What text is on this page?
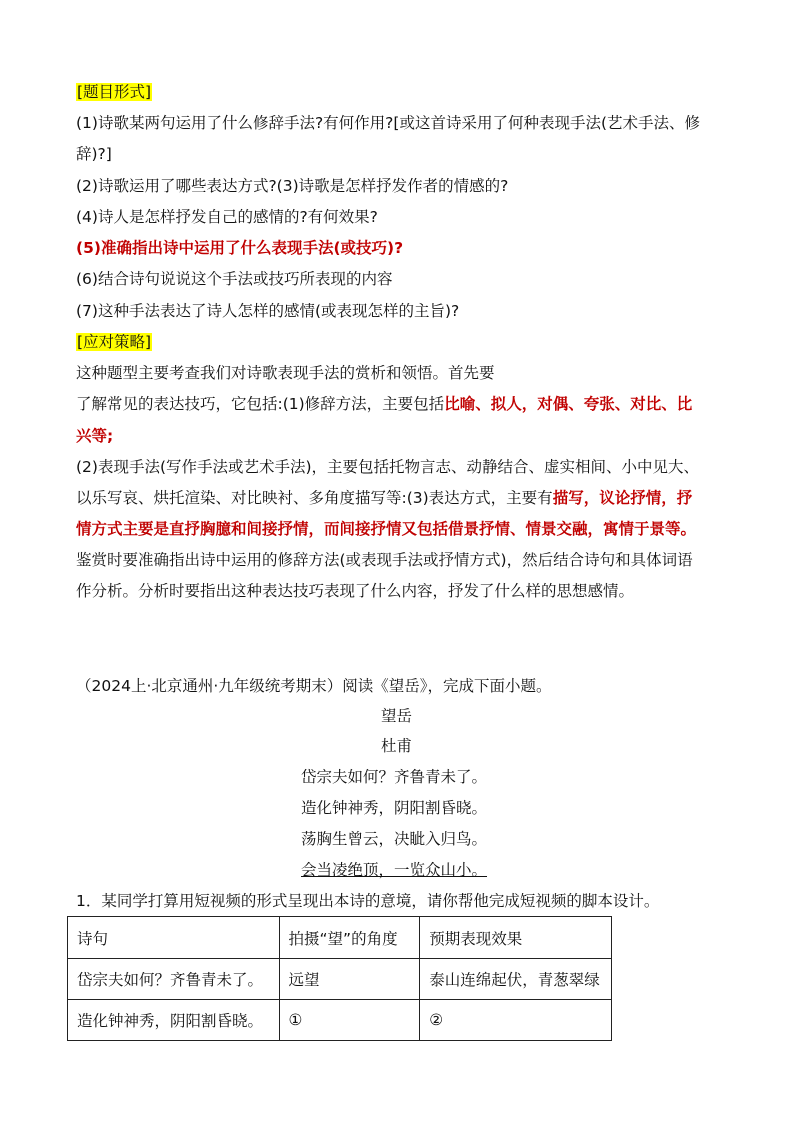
[题目形式]
(1)诗歌某两句运用了什么修辞手法?有何作用?[或这首诗采用了何种表现手法(艺术手法、修
辞)?]
(2)诗歌运用了哪些表达方式?(3)诗歌是怎样抒发作者的情感的?
(4)诗人是怎样抒发自己的感情的?有何效果?
(5)准确指出诗中运用了什么表现手法(或技巧)?
(6)结合诗句说说这个手法或技巧所表现的内容
(7)这种手法表达了诗人怎样的感情(或表现怎样的主旨)?
[应对策略]
这种题型主要考查我们对诗歌表现手法的赏析和领悟。首先要
了解常见的表达技巧，它包括:(1)修辞方法，主要包括比喻、拟人，对偶、夸张、对比、比
兴等;
(2)表现手法(写作手法或艺术手法)，主要包括托物言志、动静结合、虚实相间、小中见大、
以乐写哀、烘托渲染、对比映衬、多角度描写等:(3)表达方式，主要有描写，议论抒情，抒
情方式主要是直抒胸臆和间接抒情，而间接抒情又包括借景抒情、情景交融，寓情于景等。
鉴赏时要准确指出诗中运用的修辞方法(或表现手法或抒情方式)，然后结合诗句和具体词语
作分析。分析时要指出这种表达技巧表现了什么内容，抒发了什么样的思想感情。
（2024上·北京通州·九年级统考期末）阅读《望岳》，完成下面小题。
望岳
杜甫
岱宗夫如何？齐鲁青未了。
造化钟神秀，阴阳割昏晓。
荡胸生曾云，决眦入归鸟。
会当凌绝顶，一览众山小。
1．某同学打算用短视频的形式呈现出本诗的意境，请你帮他完成短视频的脚本设计。
诗句	拍摄“望”的角度	预期表现效果
岱宗夫如何？齐鲁青未了。	远望	泰山连绵起伏，青葱翠绿
造化钟神秀，阴阳割昏晓。	①	②
